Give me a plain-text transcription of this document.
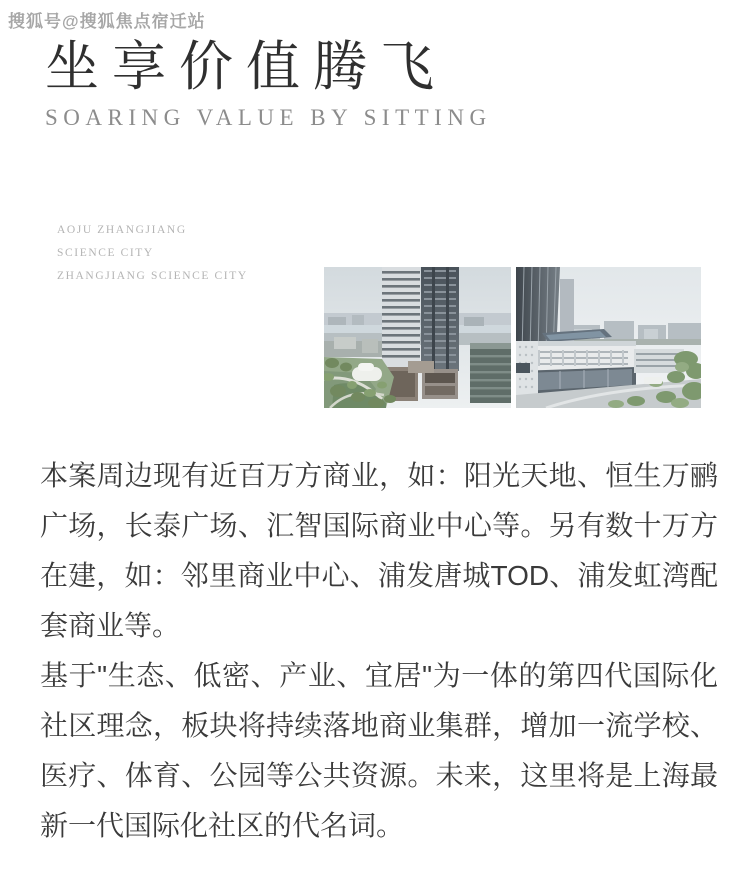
搜狐号@搜狐焦点宿迁站
坐享价值腾飞
SOARING VALUE BY SITTING
AOJU ZHANGJIANG
SCIENCE CITY
ZHANGJIANG SCIENCE CITY

本案周边现有近百万方商业，如：阳光天地、恒生万鹂广场，长泰广场、汇智国际商业中心等。另有数十万方在建，如：邻里商业中心、浦发唐城TOD、浦发虹湾配套商业等。

基于"生态、低密、产业、宜居"为一体的第四代国际化社区理念，板块将持续落地商业集群，增加一流学校、医疗、体育、公园等公共资源。未来，这里将是上海最新一代国际化社区的代名词。
